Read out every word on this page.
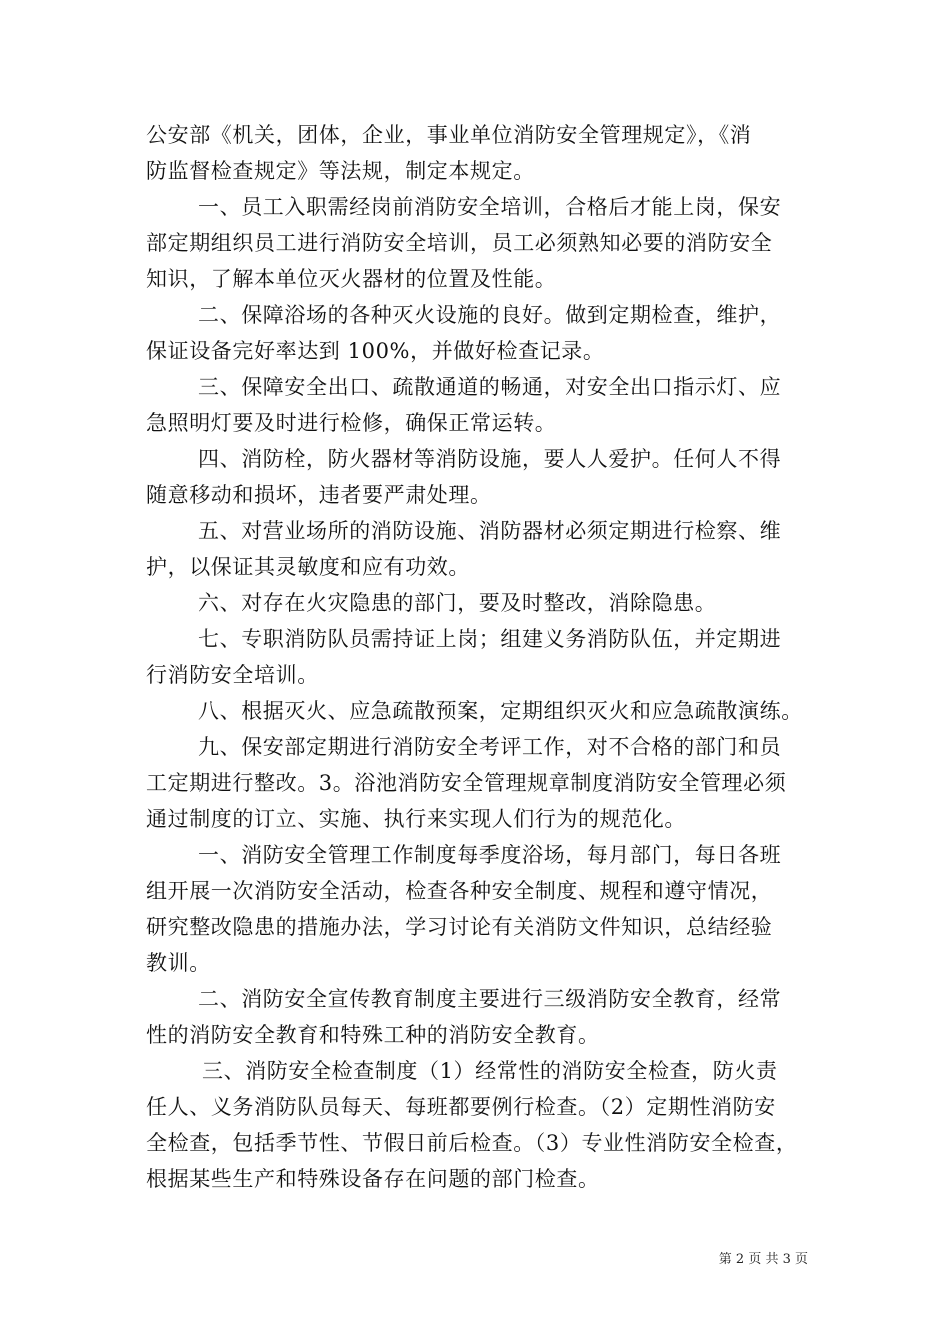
公安部《机关，团体，企业，事业单位消防安全管理规定》，《消
防监督检查规定》等法规，制定本规定。
一、员工入职需经岗前消防安全培训，合格后才能上岗，保安
部定期组织员工进行消防安全培训，员工必须熟知必要的消防安全
知识，了解本单位灭火器材的位置及性能。
二、保障浴场的各种灭火设施的良好。做到定期检查，维护，
保证设备完好率达到 100%，并做好检查记录。
三、保障安全出口、疏散通道的畅通，对安全出口指示灯、应
急照明灯要及时进行检修，确保正常运转。
四、消防栓，防火器材等消防设施，要人人爱护。任何人不得
随意移动和损坏，违者要严肃处理。
五、对营业场所的消防设施、消防器材必须定期进行检察、维
护，以保证其灵敏度和应有功效。
六、对存在火灾隐患的部门，要及时整改，消除隐患。
七、专职消防队员需持证上岗；组建义务消防队伍，并定期进
行消防安全培训。
八、根据灭火、应急疏散预案，定期组织灭火和应急疏散演练。
九、保安部定期进行消防安全考评工作，对不合格的部门和员
工定期进行整改。3。浴池消防安全管理规章制度消防安全管理必须
通过制度的订立、实施、执行来实现人们行为的规范化。
一、消防安全管理工作制度每季度浴场，每月部门，每日各班
组开展一次消防安全活动，检查各种安全制度、规程和遵守情况，
研究整改隐患的措施办法，学习讨论有关消防文件知识，总结经验
教训。
二、消防安全宣传教育制度主要进行三级消防安全教育，经常
性的消防安全教育和特殊工种的消防安全教育。
三、消防安全检查制度（1）经常性的消防安全检查，防火责
任人、义务消防队员每天、每班都要例行检查。（2）定期性消防安
全检查，包括季节性、节假日前后检查。（3）专业性消防安全检查，
根据某些生产和特殊设备存在问题的部门检查。
第 2 页 共 3 页
